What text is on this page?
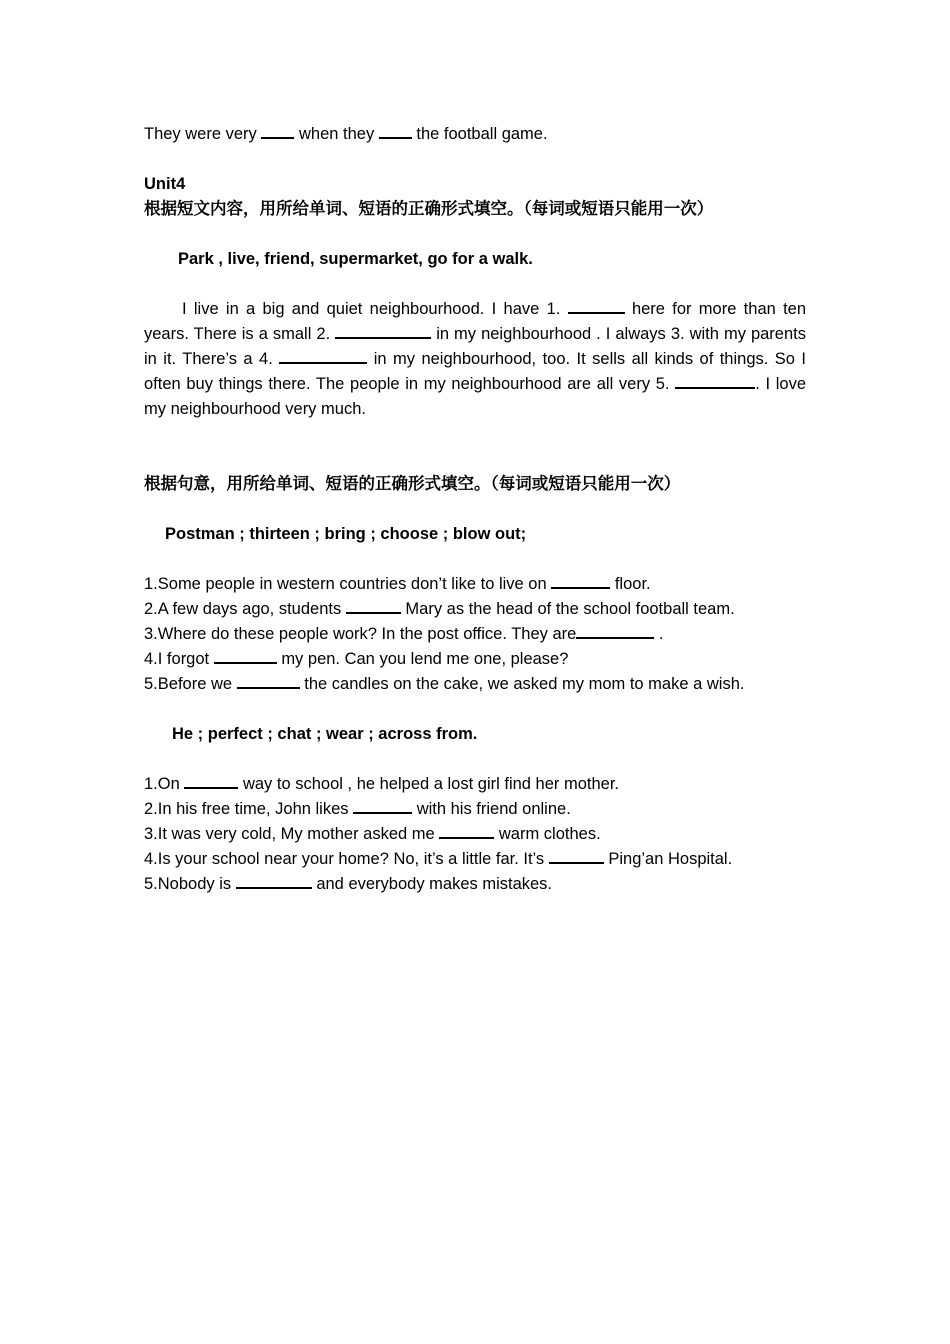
They were very	when they	the football game.
Unit4
根据短文内容，用所给单词、短语的正确形式填空。（每词或短语只能用一次）
Park , live, friend, supermarket, go for a walk.
I live in a big and quiet neighbourhood. I have 1.	here for more than ten years. There is a small 2.	in my neighbourhood . I always 3. with my parents in it. There’s a 4.	in my neighbourhood, too. It sells all kinds of things. So I often buy things there. The people in my neighbourhood are all very 5.	. I love my neighbourhood very much.
根据句意，用所给单词、短语的正确形式填空。（每词或短语只能用一次）
Postman ; thirteen ; bring ; choose ; blow out;
1.Some people in western countries don’t like to live on	floor.
2.A few days ago, students	Mary as the head of the school football team.
3.Where do these people work? In the post office. They are	.
4.I forgot	my pen. Can you lend me one, please?
5.Before we	the candles on the cake, we asked my mom to make a wish.
He ; perfect ; chat ; wear ; across from.
1.On	way to school , he helped a lost girl find her mother.
2.In his free time, John likes	with his friend online.
3.It was very cold, My mother asked me	warm clothes.
4.Is your school near your home? No, it’s a little far. It’s	Ping’an Hospital.
5.Nobody is	and everybody makes mistakes.
